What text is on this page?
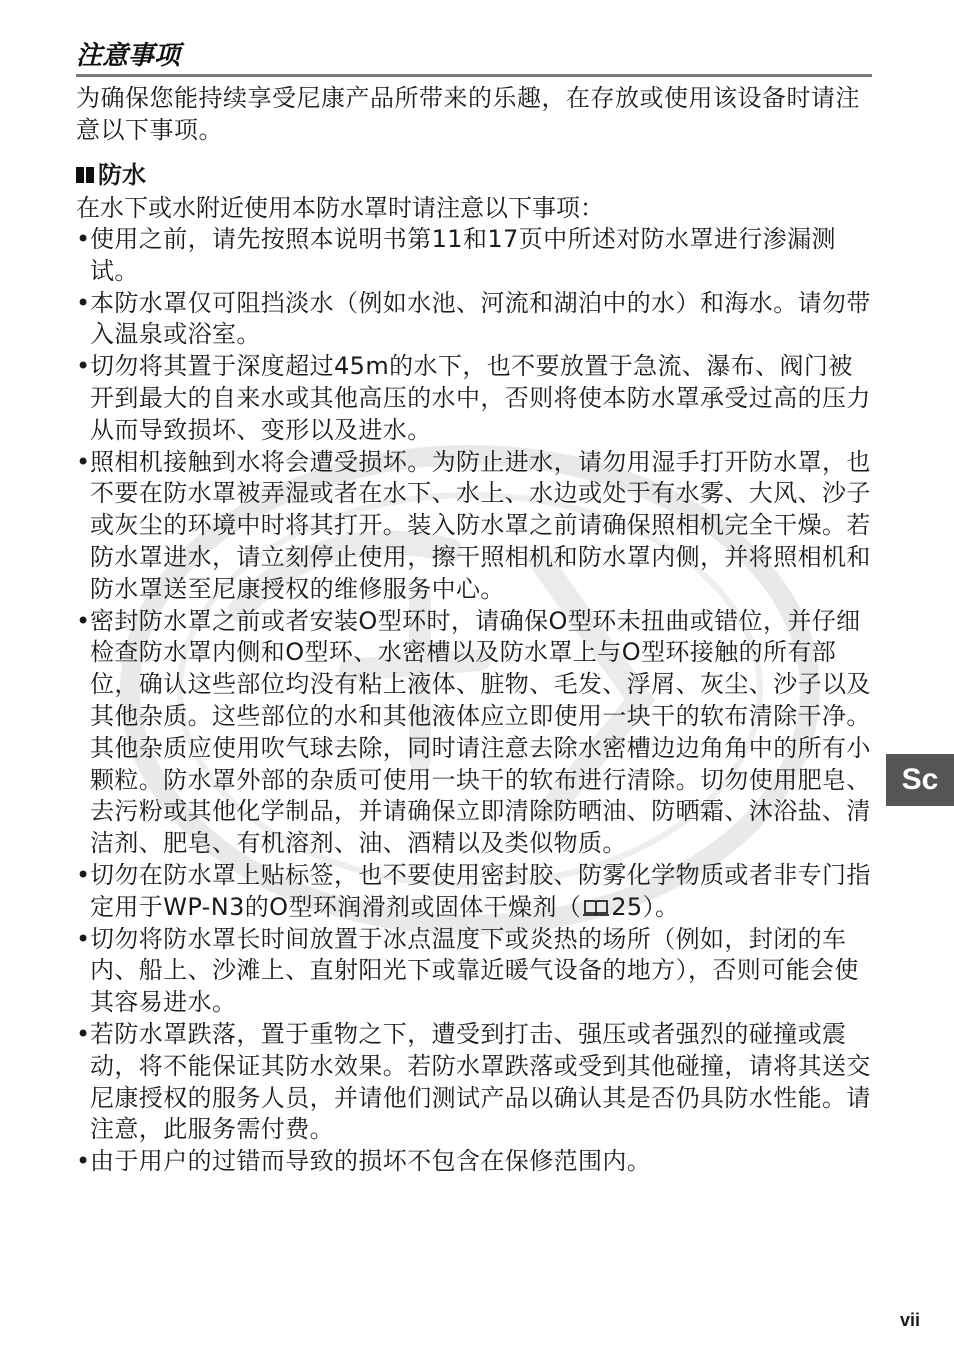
注意事项
为确保您能持续享受尼康产品所带来的乐趣，在存放或使用该设备时请注意以下事项。
防水
在水下或水附近使用本防水罩时请注意以下事项：
• 使用之前，请先按照本说明书第11和17页中所述对防水罩进行渗漏测试。
• 本防水罩仅可阻挡淡水（例如水池、河流和湖泊中的水）和海水。请勿带入温泉或浴室。
• 切勿将其置于深度超过45m的水下，也不要放置于急流、瀑布、阀门被开到最大的自来水或其他高压的水中，否则将使本防水罩承受过高的压力从而导致损坏、变形以及进水。
• 照相机接触到水将会遭受损坏。为防止进水，请勿用湿手打开防水罩，也不要在防水罩被弄湿或者在水下、水上、水边或处于有水雾、大风、沙子或灰尘的环境中时将其打开。装入防水罩之前请确保照相机完全干燥。若防水罩进水，请立刻停止使用，擦干照相机和防水罩内侧，并将照相机和防水罩送至尼康授权的维修服务中心。
• 密封防水罩之前或者安装O型环时，请确保O型环未扭曲或错位，并仔细检查防水罩内侧和O型环、水密槽以及防水罩上与O型环接触的所有部位，确认这些部位均没有粘上液体、脏物、毛发、浮屑、灰尘、沙子以及其他杂质。这些部位的水和其他液体应立即使用一块干的软布清除干净。其他杂质应使用吹气球去除，同时请注意去除水密槽边边角角中的所有小颗粒。防水罩外部的杂质可使用一块干的软布进行清除。切勿使用肥皂、去污粉或其他化学制品，并请确保立即清除防晒油、防晒霜、沐浴盐、清洁剂、肥皂、有机溶剂、油、酒精以及类似物质。
• 切勿在防水罩上贴标签，也不要使用密封胶、防雾化学物质或者非专门指定用于WP-N3的O型环润滑剂或固体干燥剂（ 25）。
• 切勿将防水罩长时间放置于冰点温度下或炎热的场所（例如，封闭的车内、船上、沙滩上、直射阳光下或靠近暖气设备的地方），否则可能会使其容易进水。
• 若防水罩跌落，置于重物之下，遭受到打击、强压或者强烈的碰撞或震动，将不能保证其防水效果。若防水罩跌落或受到其他碰撞，请将其送交尼康授权的服务人员，并请他们测试产品以确认其是否仍具防水性能。请注意，此服务需付费。
• 由于用户的过错而导致的损坏不包含在保修范围内。
Sc
vii
